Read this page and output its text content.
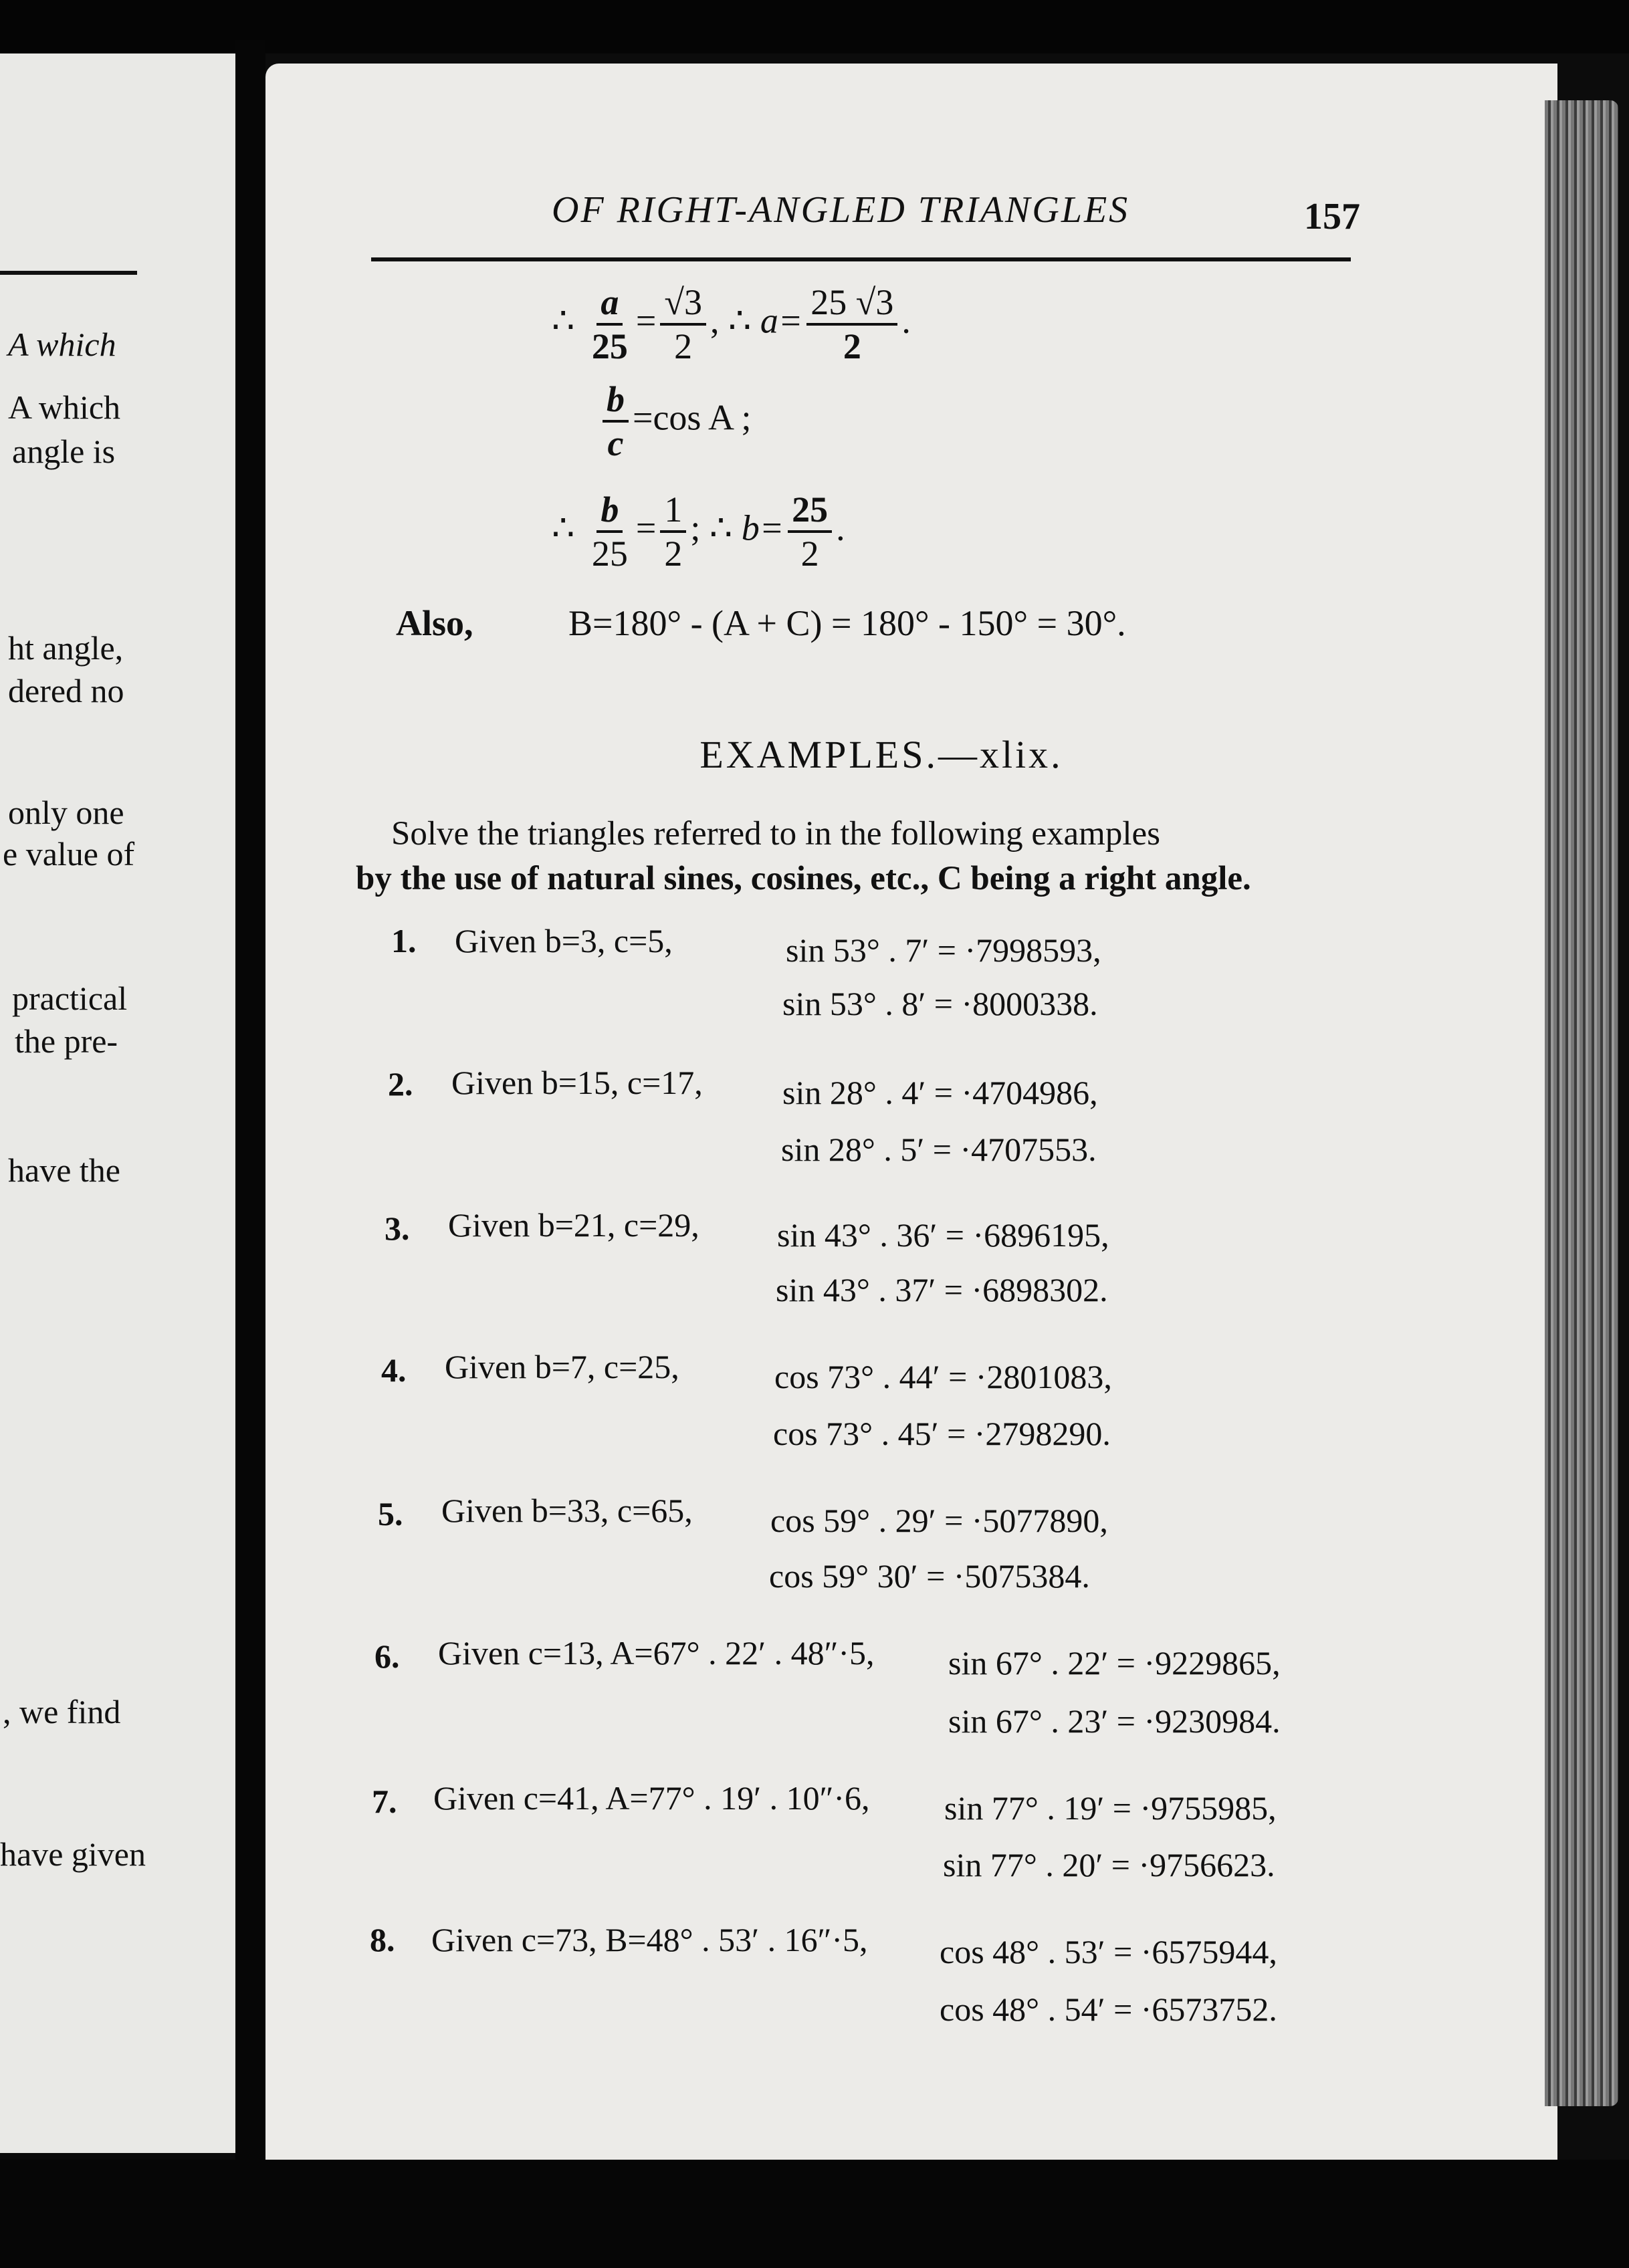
A which
A which
angle is
ht angle,
dered no
only one
e value of
practical
the pre-
have the
, we find
have given
OF RIGHT-ANGLED TRIANGLES	157
∴ $\frac{a}{25} = \frac{√3}{2}$ , ∴ $a= \frac{25 √3}{2}$ .
$\frac{b}{c} =\cos$ A ;
∴ $\frac{b}{25} = \frac{1}{2}$ ; ∴ $b= \frac{25}{2}$ .
Also,	B=180° - (A + C) = 180° - 150° = 30°.
EXAMPLES.—xlix.
Solve the triangles referred to in the following examples
by the use of natural sines, cosines, etc., C being a right angle.
1. Given b=3, c=5,	sin 53° . 7′ = ·7998593,
sin 53° . 8′ = ·8000338.
2. Given b=15, c=17, sin 28° . 4′ = ·4704986,
sin 28° . 5′ = ·4707553.
3. Given b=21, c=29, sin 43° . 36′ = ·6896195,
sin 43° . 37′ = ·6898302.
4. Given b=7, c=25,	cos 73° . 44′ = ·2801083,
cos 73° . 45′ = ·2798290.
5. Given b=33, c=65, cos 59° . 29′ = ·5077890,
cos 59° 30′ = ·5075384.
6. Given c=13, A=67° . 22′ . 48″·5, sin 67° . 22′ = ·9229865,
sin 67° . 23′ = ·9230984.
7. Given c=41, A=77° . 19′ . 10″·6, sin 77° . 19′ = ·9755985,
sin 77° . 20′ = ·9756623.
8. Given c=73, B=48° . 53′ . 16″·5, cos 48° . 53′ = ·6575944,
cos 48° . 54′ = ·6573752.
